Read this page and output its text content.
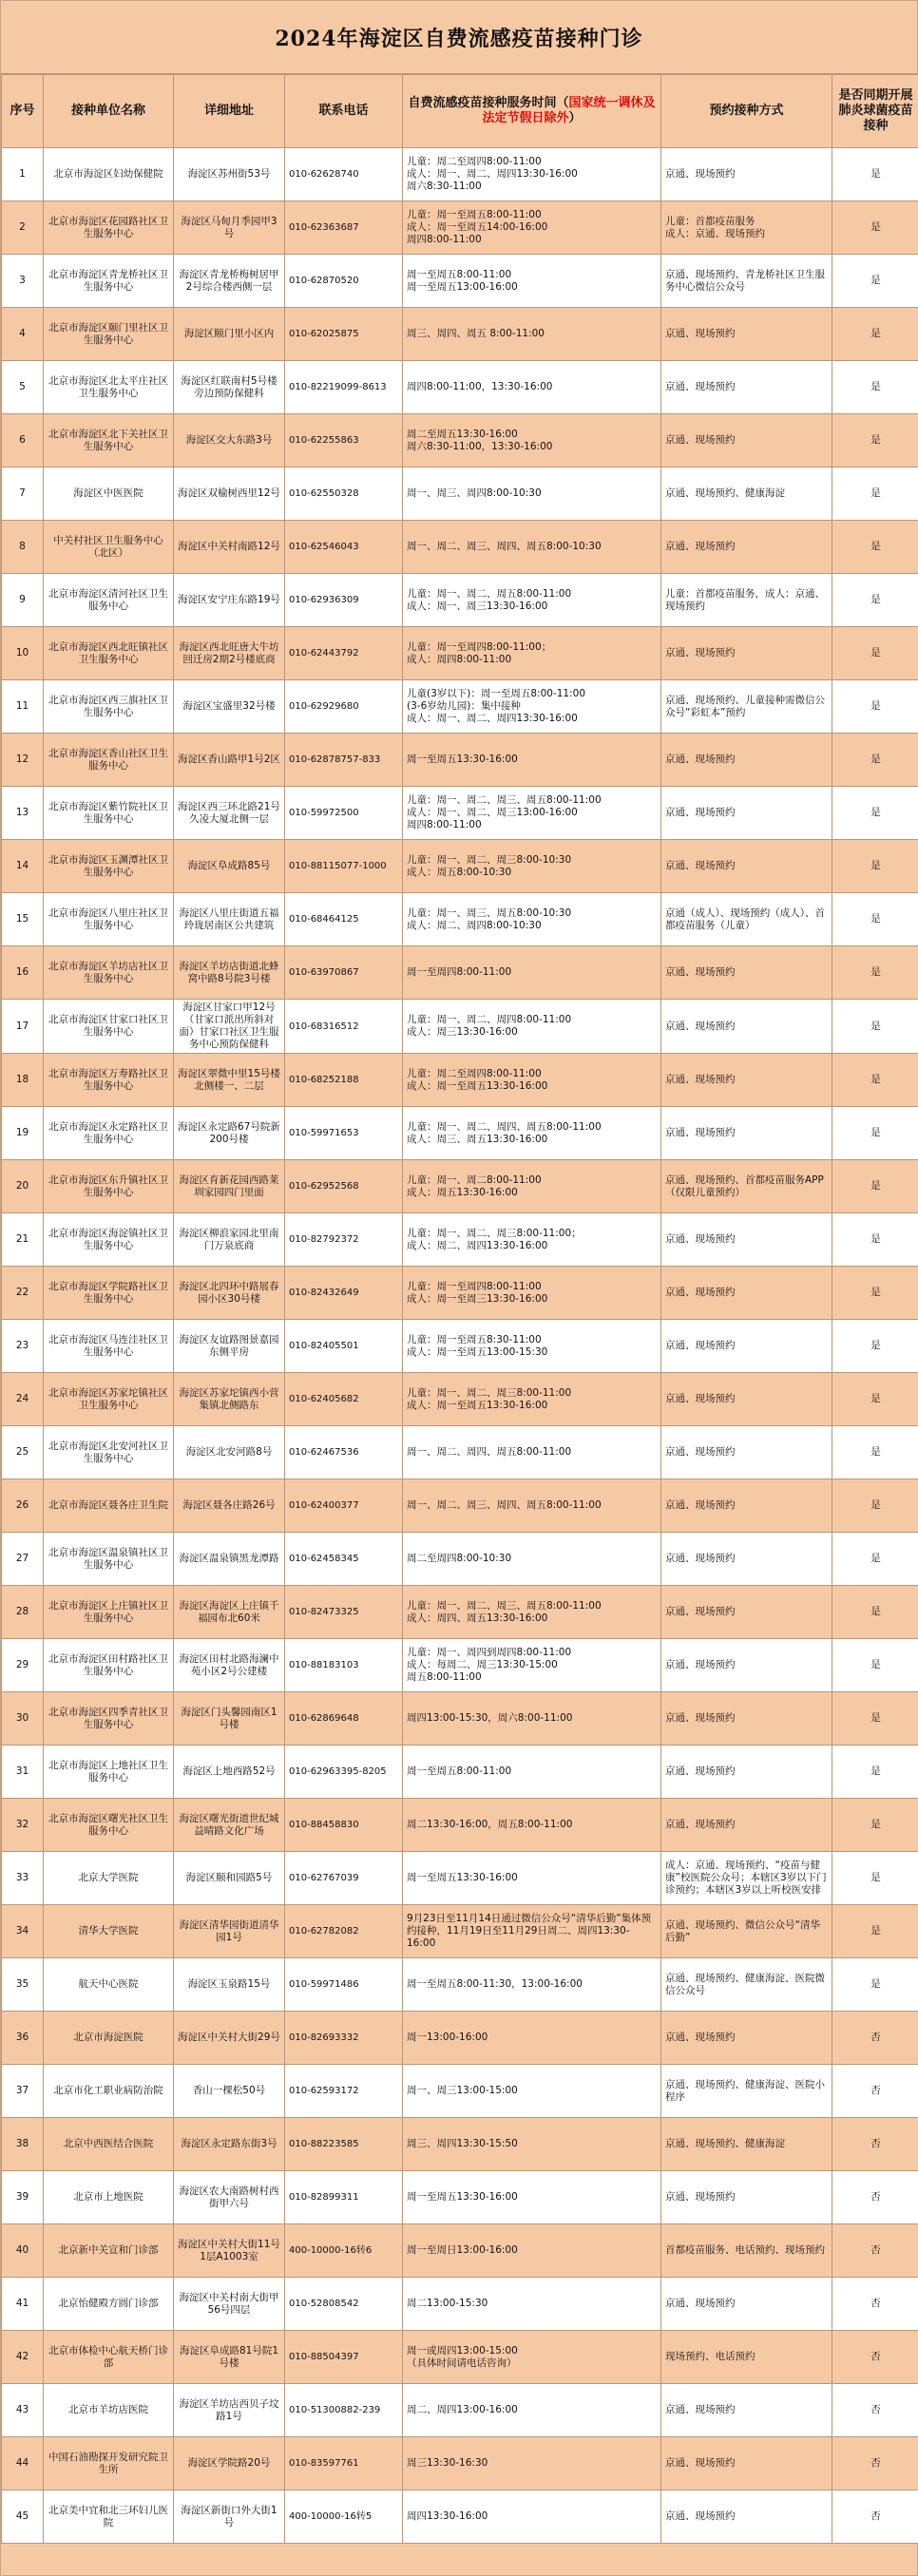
2024年海淀区自费流感疫苗接种门诊
序号	接种单位名称	详细地址	联系电话	自费流感疫苗接种服务时间（国家统一调休及法定节假日除外）	预约接种方式	是否同期开展肺炎球菌疫苗接种
1	北京市海淀区妇幼保健院	海淀区苏州街53号	010-62628740	儿童：周二至周四8:00-11:00
成人：周一、周二、周四13:30-16:00
周六8:30-11:00	京通、现场预约	是
2	北京市海淀区花园路社区卫生服务中心	海淀区马甸月季园甲3号	010-62363687	儿童：周一至周五8:00-11:00
成人：周一至周五14:00-16:00
周四8:00-11:00	儿童：首都疫苗服务
成人：京通、现场预约	是
3	北京市海淀区青龙桥社区卫生服务中心	海淀区青龙桥梅树居甲2号综合楼西侧一层	010-62870520	周一至周五8:00-11:00
周一至周五13:00-16:00	京通、现场预约、青龙桥社区卫生服务中心微信公众号	是
4	北京市海淀区颐门里社区卫生服务中心	海淀区颐门里小区内	010-62025875	周三、周四、周五 8:00-11:00	京通、现场预约	是
5	北京市海淀区北太平庄社区卫生服务中心	海淀区红联南村5号楼旁边预防保健科	010-82219099-8613	周四8:00-11:00，13:30-16:00	京通、现场预约	是
6	北京市海淀区北下关社区卫生服务中心	海淀区交大东路3号	010-62255863	周二至周五13:30-16:00
周六8:30-11:00，13:30-16:00	京通、现场预约	是
7	海淀区中医医院	海淀区双榆树西里12号	010-62550328	周一、周三、周四8:00-10:30	京通、现场预约、健康海淀	是
8	中关村社区卫生服务中心（北区）	海淀区中关村南路12号	010-62546043	周一、周二、周三、周四、周五8:00-10:30	京通、现场预约	是
9	北京市海淀区清河社区卫生服务中心	海淀区安宁庄东路19号	010-62936309	儿童：周一、周二、周五8:00-11:00
成人：周一、周三13:30-16:00	儿童：首都疫苗服务，成人：京通、现场预约	是
10	北京市海淀区西北旺镇社区卫生服务中心	海淀区西北旺唐大牛坊回迁房2期2号楼底商	010-62443792	儿童：周一至周四8:00-11:00；
成人：周四8:00-11:00	京通、现场预约	是
11	北京市海淀区西三旗社区卫生服务中心	海淀区宝盛里32号楼	010-62929680	儿童(3岁以下)：周一至周五8:00-11:00
(3-6岁幼儿园)：集中接种
成人：周一、周二、周四13:30-16:00	京通、现场预约、儿童接种需微信公众号“彩虹本”预约	是
12	北京市海淀区香山社区卫生服务中心	海淀区香山路甲1号2区	010-62878757-833	周一至周五13:30-16:00	京通、现场预约	是
13	北京市海淀区紫竹院社区卫生服务中心	海淀区西三环北路21号久凌大厦北侧一层	010-59972500	儿童：周一、周二、周三、周五8:00-11:00
成人：周一、周二、周三13:00-16:00
周四8:00-11:00	京通、现场预约	是
14	北京市海淀区玉渊潭社区卫生服务中心	海淀区阜成路85号	010-88115077-1000	儿童：周一、周二、周三8:00-10:30
成人：周五8:00-10:30	京通、现场预约	是
15	北京市海淀区八里庄社区卫生服务中心	海淀区八里庄街道五福玲珑居南区公共建筑	010-68464125	儿童：周一、周三、周五8:00-10:30
成人：周二、周四8:00-10:30	京通（成人）、现场预约（成人）、首都疫苗服务（儿童）	是
16	北京市海淀区羊坊店社区卫生服务中心	海淀区羊坊店街道北蜂窝中路8号院3号楼	010-63970867	周一至周四8:00-11:00	京通、现场预约	是
17	北京市海淀区甘家口社区卫生服务中心	海淀区甘家口甲12号（甘家口派出所斜对面）甘家口社区卫生服务中心预防保健科	010-68316512	儿童：周一、周二、周四8:00-11:00
成人：周三13:30-16:00	京通、现场预约	是
18	北京市海淀区万寿路社区卫生服务中心	海淀区翠微中里15号楼北侧楼一、二层	010-68252188	儿童：周二至周四8:00-11:00
成人：周一至周五13:30-16:00	京通、现场预约	是
19	北京市海淀区永定路社区卫生服务中心	海淀区永定路67号院新200号楼	010-59971653	儿童：周一、周二、周四、周五8:00-11:00
成人：周三、周五13:30-16:00	京通、现场预约	是
20	北京市海淀区东升镇社区卫生服务中心	海淀区育新花园西路莱圳家园四门里面	010-62952568	儿童：周一、周二8:00-11:00
成人：周五13:30-16:00	京通、现场预约、首都疫苗服务APP（仅限儿童预约）	是
21	北京市海淀区海淀镇社区卫生服务中心	海淀区柳浪家园北里南门万泉底商	010-82792372	儿童：周一、周二、周三8:00-11:00；
成人：周二、周四13:30-16:00	京通、现场预约	是
22	北京市海淀区学院路社区卫生服务中心	海淀区北四环中路展春园小区30号楼	010-82432649	儿童：周一至周四8:00-11:00
成人：周一至周三13:30-16:00	京通、现场预约	是
23	北京市海淀区马连洼社区卫生服务中心	海淀区友谊路图景嘉园东侧平房	010-82405501	儿童：周一至周五8:30-11:00
成人：周一至周五13:00-15:30	京通、现场预约	是
24	北京市海淀区苏家坨镇社区卫生服务中心	海淀区苏家坨镇西小营集镇北侧路东	010-62405682	儿童：周一、周二、周三8:00-11:00
成人：周一至周五13:30-16:00	京通、现场预约	是
25	北京市海淀区北安河社区卫生服务中心	海淀区北安河路8号	010-62467536	周一、周二、周四、周五8:00-11:00	京通、现场预约	是
26	北京市海淀区聂各庄卫生院	海淀区聂各庄路26号	010-62400377	周一、周二、周三、周四、周五8:00-11:00	京通、现场预约	是
27	北京市海淀区温泉镇社区卫生服务中心	海淀区温泉镇黑龙潭路	010-62458345	周二至周四8:00-10:30	京通、现场预约	是
28	北京市海淀区上庄镇社区卫生服务中心	海淀区海淀区上庄镇千福园布北60米	010-82473325	儿童：周一、周二、周三、周五8:00-11:00
成人：周四、周五13:30-16:00	京通、现场预约	是
29	北京市海淀区田村路社区卫生服务中心	海淀区田村北路海澜中苑小区2号公建楼	010-88183103	儿童：周一、周四到周四8:00-11:00
成人：每周二、周三13:30-15:00
周五8:00-11:00	京通、现场预约	是
30	北京市海淀区四季青社区卫生服务中心	海淀区门头馨园南区1号楼	010-62869648	周四13:00-15:30，周六8:00-11:00	京通、现场预约	是
31	北京市海淀区上地社区卫生服务中心	海淀区上地西路52号	010-62963395-8205	周一至周五8:00-11:00	京通、现场预约	是
32	北京市海淀区曙光社区卫生服务中心	海淀区曙光街道世纪城益晴路文化广场	010-88458830	周二13:30-16:00，周五8:00-11:00	京通、现场预约	是
33	北京大学医院	海淀区颐和园路5号	010-62767039	周一至周五13:30-16:00	成人：京通、现场预约、“疫苗与健康”校医院公众号；本辖区3岁以下门诊预约；本辖区3岁以上听校医安排	是
34	清华大学医院	海淀区清华园街道清华园1号	010-62782082	9月23日至11月14日通过微信公众号“清华后勤”集体预约接种，11月19日至11月29日周二、周四13:30-16:00	京通、现场预约、微信公众号“清华后勤”	是
35	航天中心医院	海淀区玉泉路15号	010-59971486	周一至周五8:00-11:30，13:00-16:00	京通、现场预约、健康海淀、医院微信公众号	是
36	北京市海淀医院	海淀区中关村大街29号	010-82693332	周一13:00-16:00	京通、现场预约	否
37	北京市化工职业病防治院	香山一棵松50号	010-62593172	周一、周三13:00-15:00	京通、现场预约、健康海淀、医院小程序	否
38	北京中西医结合医院	海淀区永定路东街3号	010-88223585	周三、周四13:30-15:50	京通、现场预约、健康海淀	否
39	北京市上地医院	海淀区农大南路树村西街甲六号	010-82899311	周一至周五13:30-16:00	京通、现场预约	否
40	北京新中关宣和门诊部	海淀区中关村大街11号1层A1003室	400-10000-16转6	周一至周日13:00-16:00	首都疫苗服务、电话预约、现场预约	否
41	北京怡健殿方圆门诊部	海淀区中关村南大街甲56号四层	010-52808542	周二13:00-15:30	京通、现场预约	否
42	北京市体检中心航天桥门诊部	海淀区阜成路81号院1号楼	010-88504397	周一或周四13:00-15:00
（具体时间请电话咨询）	现场预约、电话预约	否
43	北京市羊坊店医院	海淀区羊坊店西贝子坟路1号	010-51300882-239	周二、周四13:00-16:00	京通、现场预约	否
44	中国石油勘探开发研究院卫生所	海淀区学院路20号	010-83597761	周三13:30-16:30	京通、现场预约	否
45	北京美中宜和北三环妇儿医院	海淀区新街口外大街1号	400-10000-16转5	周四13:30-16:00	京通、现场预约	否
